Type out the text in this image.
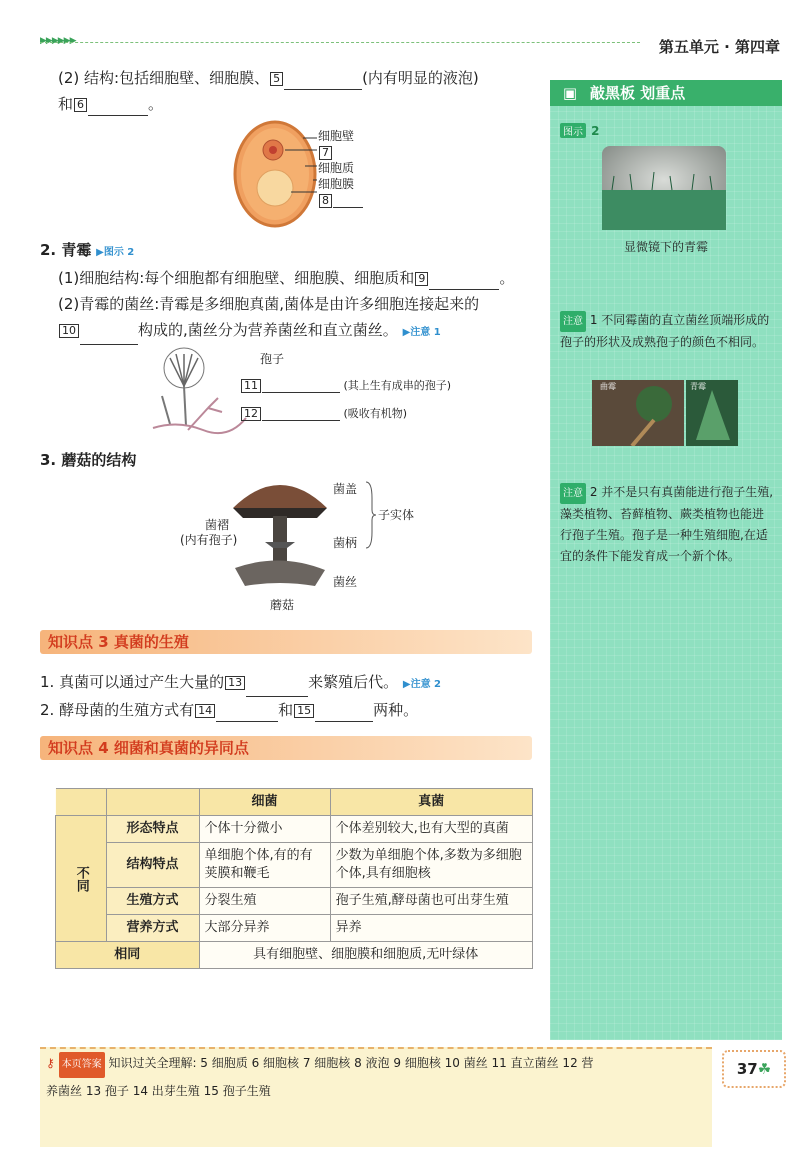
▶▶▶▶▶▶	第五单元 · 第四章
(2) 结构:包括细胞壁、细胞膜、 5	(内有明显的液泡)
和 6	。
细胞壁
7
细胞质
细胞膜
8
2. 青霉 ▶图示 2
(1)细胞结构:每个细胞都有细胞壁、细胞膜、细胞质和 9	。
(2)青霉的菌丝:青霉是多细胞真菌,菌体是由许多细胞连接起来的
10	构成的,菌丝分为营养菌丝和直立菌丝。 ▶注意 1
孢子
11	(其上生有成串的孢子)
12	(吸收有机物)
3. 蘑菇的结构
菌盖
子实体
菌褶
(内有孢子)	菌柄
菌丝
蘑菇
知识点 3 真菌的生殖
1. 真菌可以通过产生大量的 13	来繁殖后代。 ▶注意 2
2. 酵母菌的生殖方式有 14	和 15	两种。
知识点 4 细菌和真菌的异同点
		细菌	真菌
不同	形态特点	个体十分微小	个体差别较大,也有大型的真菌
	结构特点	单细胞个体,有的有荚膜和鞭毛	少数为单细胞个体,多数为多细胞个体,具有细胞核
	生殖方式	分裂生殖	孢子生殖,酵母菌也可出芽生殖
	营养方式	大部分异养	异养
相同		具有细胞壁、细胞膜和细胞质,无叶绿体	
▣ 敲黑板 划重点
图示 2
显微镜下的青霉
注意 1 不同霉菌的直立菌丝顶端形成的孢子的形状及成熟孢子的颜色不相同。
曲霉	青霉
注意 2 并不是只有真菌能进行孢子生殖,藻类植物、苔藓植物、蕨类植物也能进行孢子生殖。孢子是一种生殖细胞,在适宜的条件下能发育成一个新个体。
⚷ 本页答案 知识过关全理解: 5 细胞质 6 细胞核 7 细胞核 8 液泡 9 细胞核 10 菌丝 11 直立菌丝 12 营
养菌丝 13 孢子 14 出芽生殖 15 孢子生殖
37☘
